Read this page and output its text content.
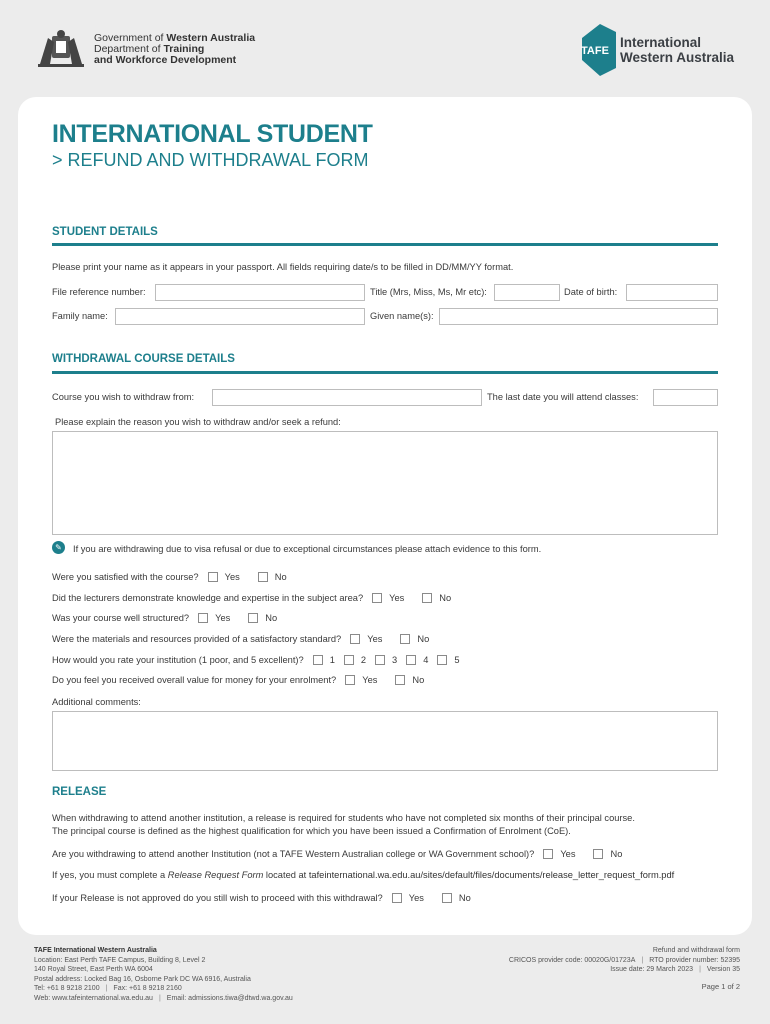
Government of Western Australia
Department of Training
and Workforce Development
TAFE
International
Western Australia
INTERNATIONAL STUDENT
> REFUND AND WITHDRAWAL FORM
STUDENT DETAILS
Please print your name as it appears in your passport. All fields requiring date/s to be filled in DD/MM/YY format.
File reference number:	Title (Mrs, Miss, Ms, Mr etc):	Date of birth:
Family name:	Given name(s):
WITHDRAWAL COURSE DETAILS
Course you wish to withdraw from:	The last date you will attend classes:
Please explain the reason you wish to withdraw and/or seek a refund:
✎	If you are withdrawing due to visa refusal or due to exceptional circumstances please attach evidence to this form.
Were you satisfied with the course?	Yes	No
Did the lecturers demonstrate knowledge and expertise in the subject area?	Yes	No
Was your course well structured?	Yes	No
Were the materials and resources provided of a satisfactory standard?	Yes	No
How would you rate your institution (1 poor, and 5 excellent)?	1	2	3	4	5
Do you feel you received overall value for money for your enrolment?	Yes	No
Additional comments:
RELEASE
When withdrawing to attend another institution, a release is required for students who have not completed six months of their principal course.
The principal course is defined as the highest qualification for which you have been issued a Confirmation of Enrolment (CoE).
Are you withdrawing to attend another Institution (not a TAFE Western Australian college or WA Government school)?	Yes	No
If yes, you must complete a Release Request Form located at tafeinternational.wa.edu.au/sites/default/files/documents/release_letter_request_form.pdf
If your Release is not approved do you still wish to proceed with this withdrawal?	Yes	No
TAFE International Western Australia
Location: East Perth TAFE Campus, Building 8, Level 2
140 Royal Street, East Perth WA 6004
Postal address: Locked Bag 16, Osborne Park DC WA 6916, Australia
Tel: +61 8 9218 2100 | Fax: +61 8 9218 2160
Web: www.tafeinternational.wa.edu.au | Email: admissions.tiwa@dtwd.wa.gov.au
Refund and withdrawal form
CRICOS provider code: 00020G/01723A | RTO provider number: 52395
Issue date: 29 March 2023 | Version 35
Page 1 of 2
